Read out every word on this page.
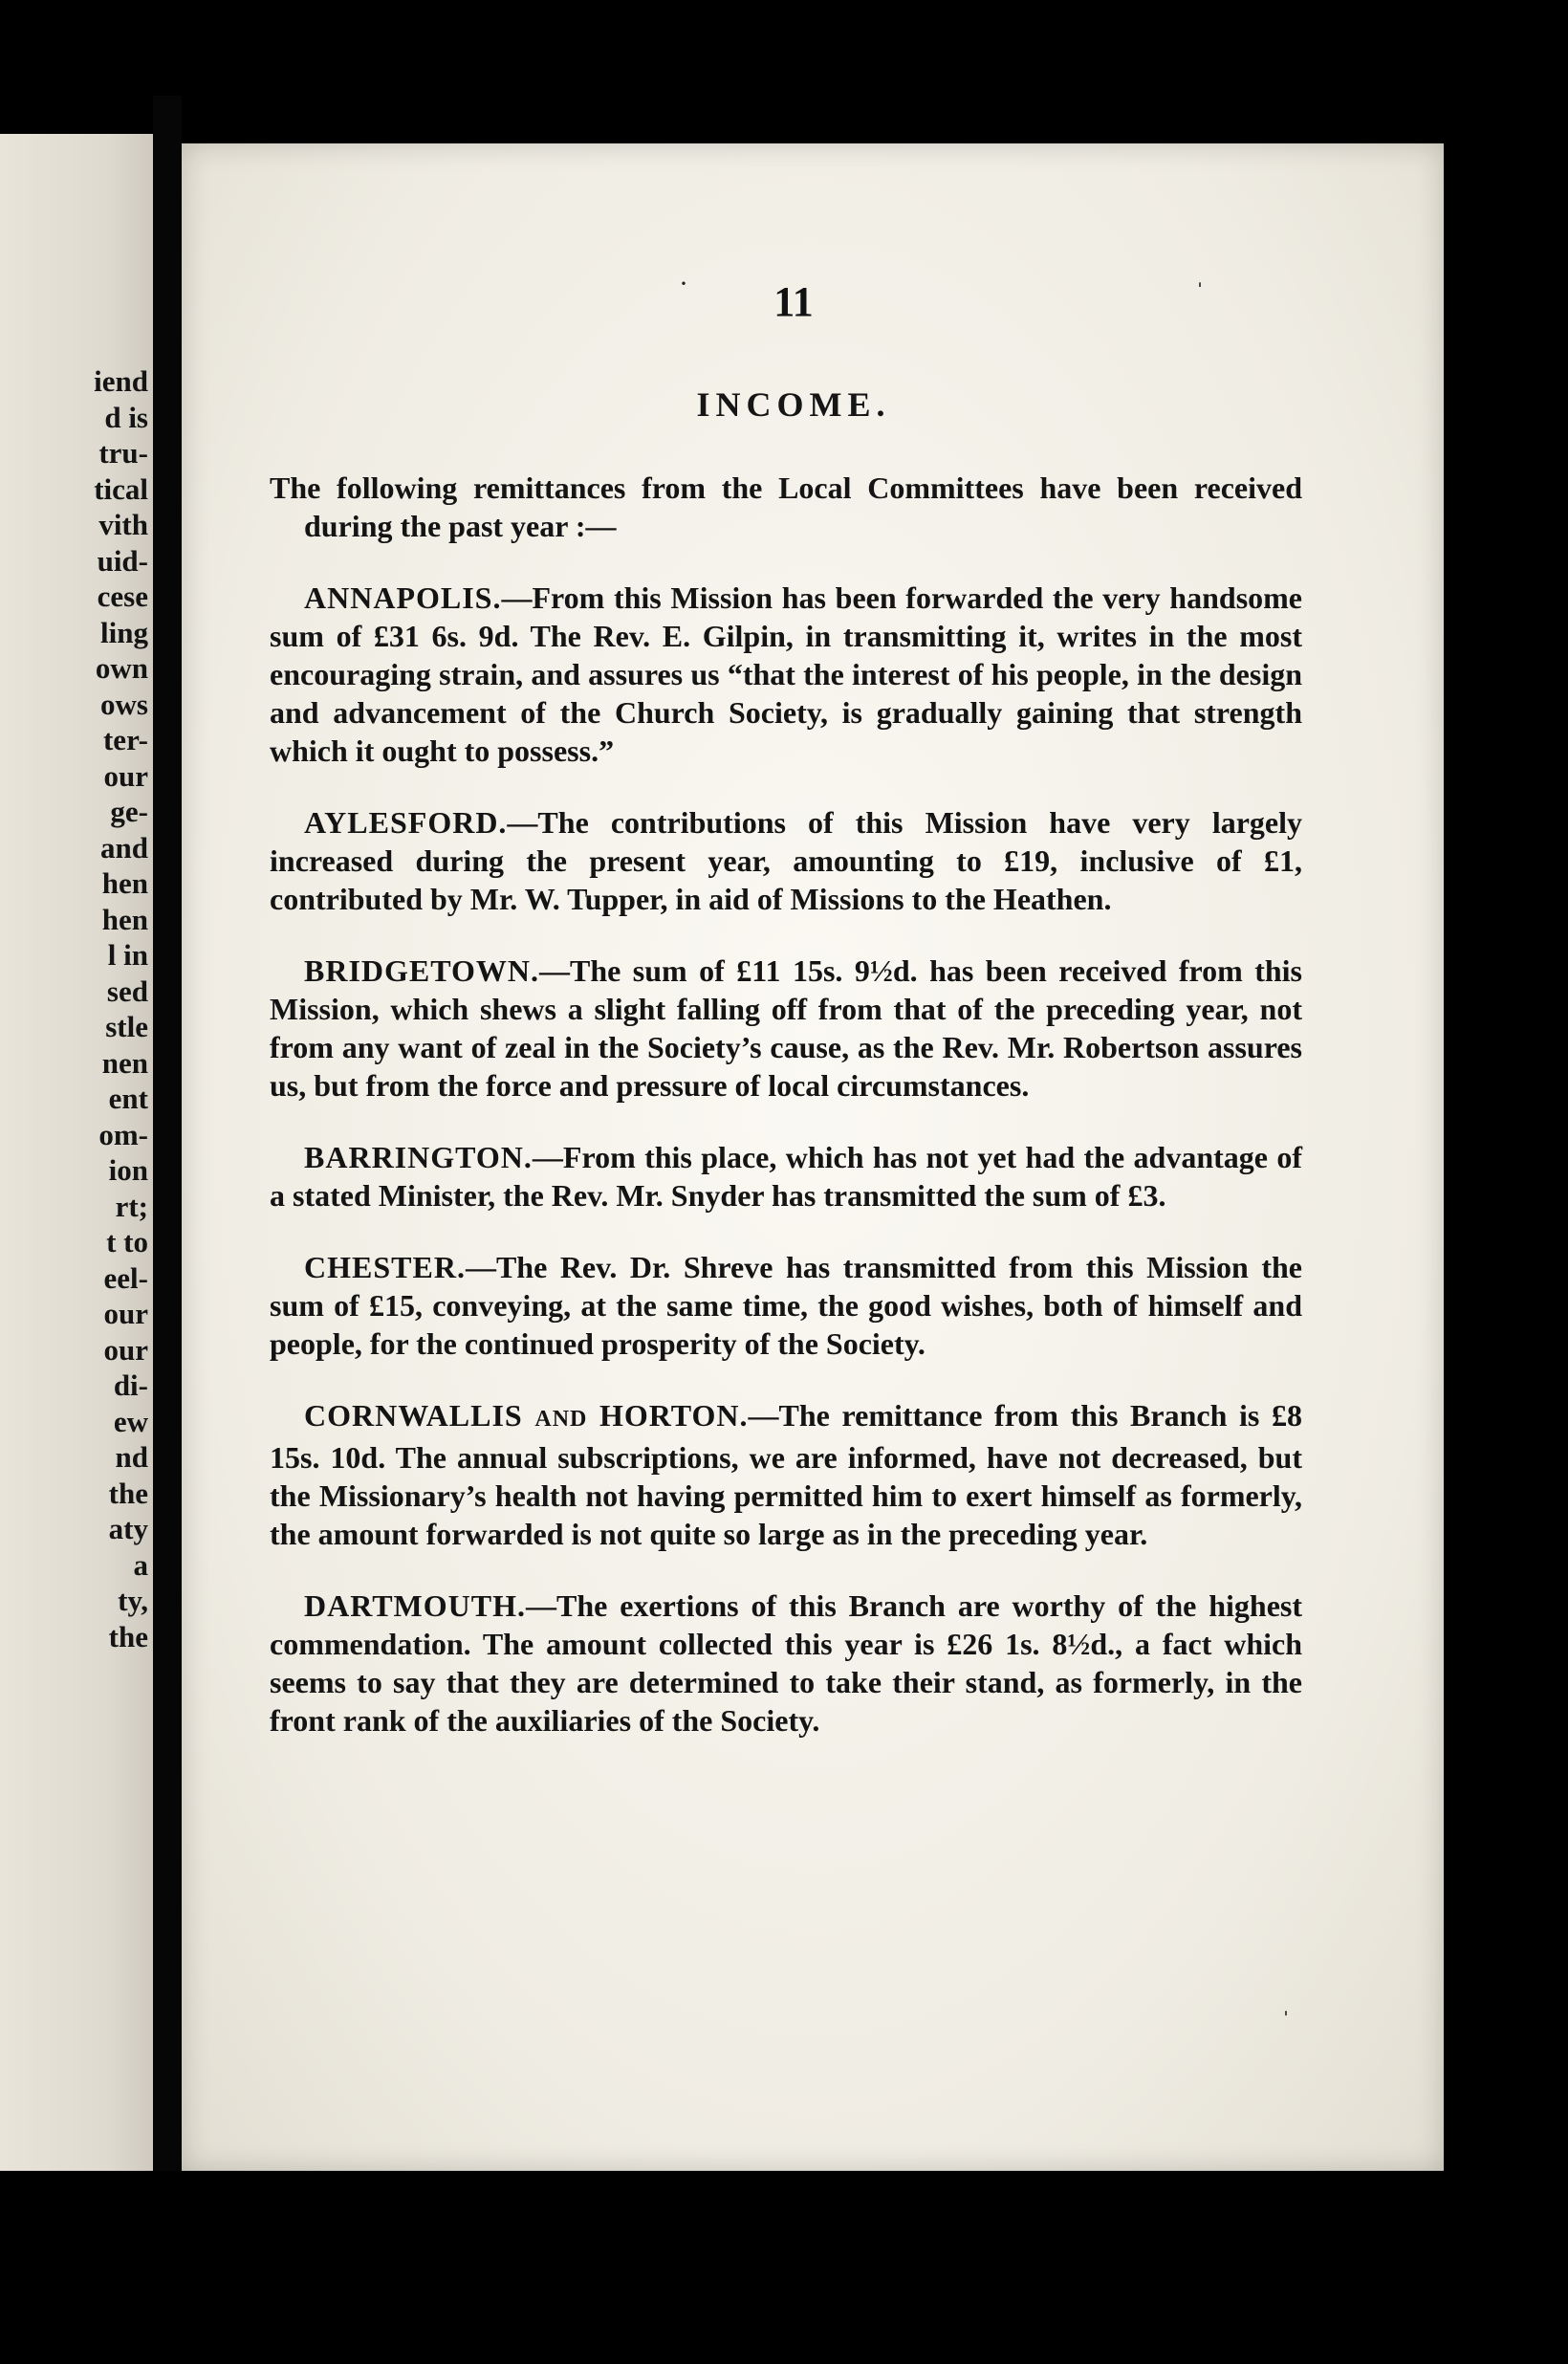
iend
d is
tru-
tical
vith
uid-
cese
ling
own
ows
ter-
our
ge-
and
hen
hen
l in
sed
stle
nen
ent
om-
ion
rt;
t to
eel-
our
our
di-
ew
nd
the
aty
a
ty,
the
·	ˈ
11
INCOME.

The following remittances from the Local Committees have been received during the past year :—

ANNAPOLIS.—From this Mission has been forwarded the very handsome sum of £31 6s. 9d. The Rev. E. Gilpin, in transmitting it, writes in the most encouraging strain, and assures us “that the interest of his people, in the design and advancement of the Church Society, is gradually gaining that strength which it ought to possess.”

AYLESFORD.—The contributions of this Mission have very largely increased during the present year, amounting to £19, inclusive of £1, contributed by Mr. W. Tupper, in aid of Missions to the Heathen.

BRIDGETOWN.—The sum of £11 15s. 9½d. has been received from this Mission, which shews a slight falling off from that of the preceding year, not from any want of zeal in the Society’s cause, as the Rev. Mr. Robertson assures us, but from the force and pressure of local circumstances.

BARRINGTON.—From this place, which has not yet had the advantage of a stated Minister, the Rev. Mr. Snyder has transmitted the sum of £3.

CHESTER.—The Rev. Dr. Shreve has transmitted from this Mission the sum of £15, conveying, at the same time, the good wishes, both of himself and people, for the continued prosperity of the Society.

CORNWALLIS AND HORTON.—The remittance from this Branch is £8 15s. 10d. The annual subscriptions, we are informed, have not decreased, but the Missionary’s health not having permitted him to exert himself as formerly, the amount forwarded is not quite so large as in the preceding year.

DARTMOUTH.—The exertions of this Branch are worthy of the highest commendation. The amount collected this year is £26 1s. 8½d., a fact which seems to say that they are determined to take their stand, as formerly, in the front rank of the auxiliaries of the Society.

ˌ
